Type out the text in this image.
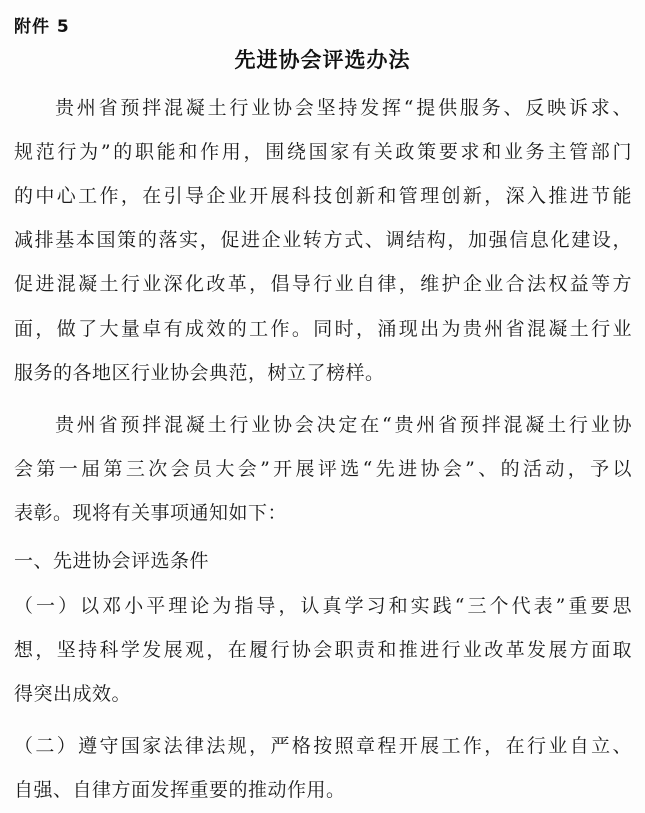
附件 5
先进协会评选办法
贵州省预拌混凝土行业协会坚持发挥“提供服务、反映诉求、
规范行为”的职能和作用，围绕国家有关政策要求和业务主管部门
的中心工作，在引导企业开展科技创新和管理创新，深入推进节能
减排基本国策的落实，促进企业转方式、调结构，加强信息化建设，
促进混凝土行业深化改革，倡导行业自律，维护企业合法权益等方
面，做了大量卓有成效的工作。同时，涌现出为贵州省混凝土行业
服务的各地区行业协会典范，树立了榜样。
贵州省预拌混凝土行业协会决定在“贵州省预拌混凝土行业协
会第一届第三次会员大会”开展评选“先进协会”、的活动，予以
表彰。现将有关事项通知如下：
一、先进协会评选条件
（一）以邓小平理论为指导，认真学习和实践“三个代表”重要思
想，坚持科学发展观，在履行协会职责和推进行业改革发展方面取
得突出成效。
（二）遵守国家法律法规，严格按照章程开展工作，在行业自立、
自强、自律方面发挥重要的推动作用。
